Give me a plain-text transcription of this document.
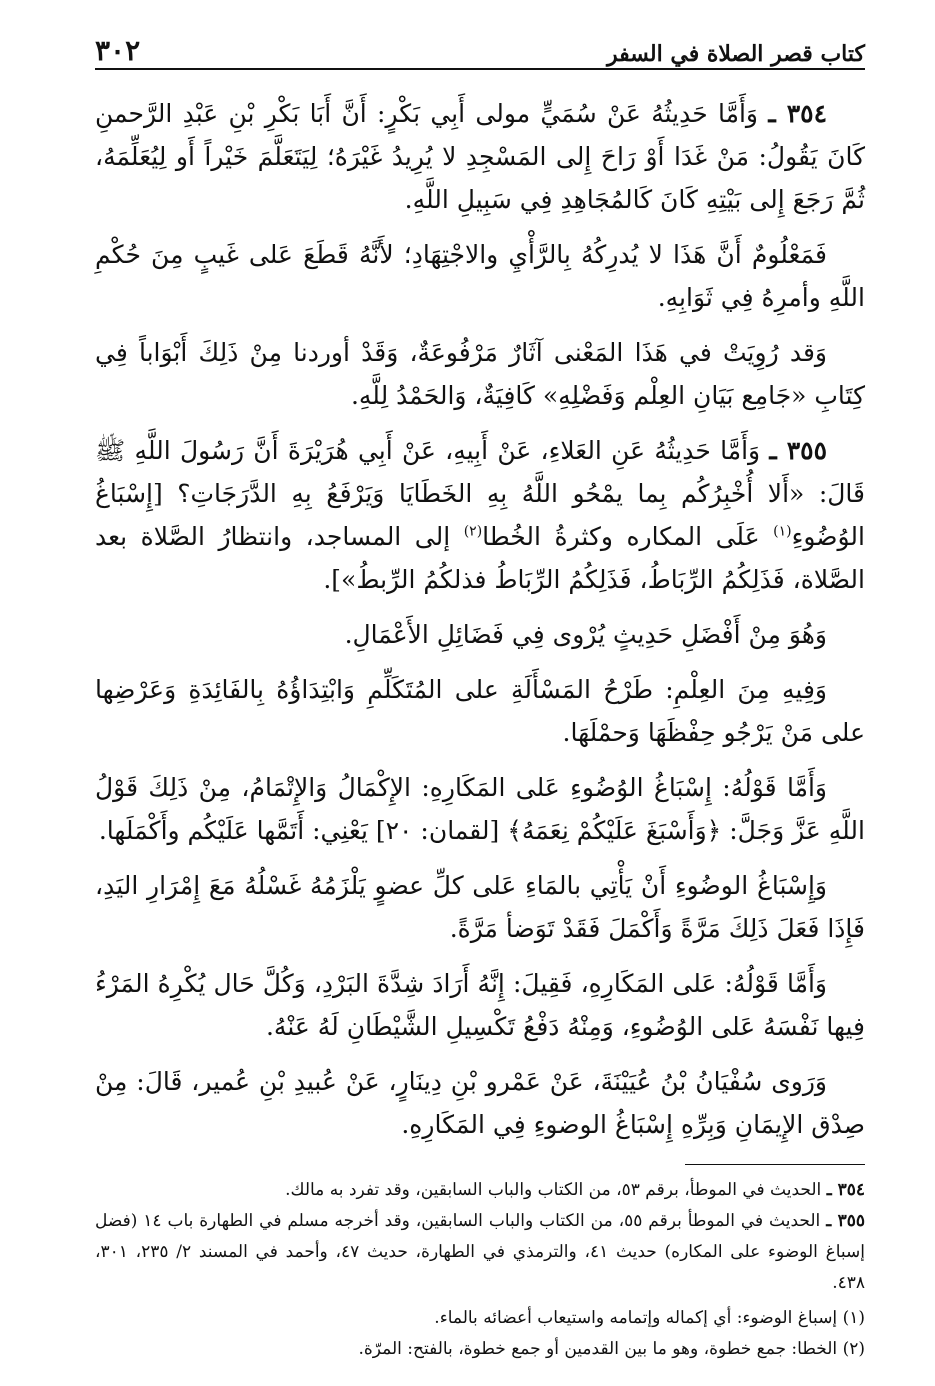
كتاب قصر الصلاة في السفر
٣٠٢

٣٥٤ ـ وَأَمَّا حَدِيثُهُ عَنْ سُمَيٍّ مولى أَبِي بَكْرٍ: أَنَّ أَبَا بَكْرِ بْنِ عَبْدِ الرَّحمنِ كَانَ يَقُولُ: مَنْ غَدَا أَوْ رَاحَ إِلى المَسْجِدِ لا يُرِيدُ غَيْرَهُ؛ لِيَتَعَلَّمَ خَيْراً أَو لِيُعَلِّمَهُ، ثُمَّ رَجَعَ إِلى بَيْتِهِ كَانَ كَالمُجَاهِدِ فِي سَبِيلِ اللَّهِ.

فَمَعْلُومٌ أَنَّ هَذَا لا يُدرِكُهُ بِالرَّأْيِ والاجْتِهَادِ؛ لأَنَّهُ قَطَعَ عَلى غَيبٍ مِنَ حُكْمِ اللَّهِ وأمرِهُ فِي ثَوَابِهِ.

وَقد رُوِيَتْ في هَذَا المَعْنى آثَارٌ مَرْفُوعَةٌ، وَقَدْ أوردنا مِنْ ذَلِكَ أَبْوَاباً فِي كِتَابِ «جَامِع بَيَانِ العِلْم وَفَضْلِهِ» كَافِيَةٌ، وَالحَمْدُ لِلَّهِ.

٣٥٥ ـ وَأَمَّا حَدِيثُهُ عَنِ العَلاءِ، عَنْ أَبِيهِ، عَنْ أَبِي هُرَيْرَةَ أَنَّ رَسُولَ اللَّهِ ﷺ قَالَ: «أَلا أُخْبِرُكُم بِما يمْحُو اللَّهُ بِهِ الخَطَايَا وَيَرْفَعُ بِهِ الدَّرَجَاتِ؟ [إِسْبَاغُ الوُضُوءِ$^{(١)}$ عَلَى المكاره وكثرةُ الخُطا$^{(٢)}$ إلى المساجد، وانتظارُ الصَّلاة بعد الصَّلاة، فَذَلِكُمُ الرِّبَاطُ، فَذَلِكُمُ الرِّبَاطُ فذلكُمُ الرِّبطُ»].

وَهُوَ مِنْ أَفْضَلِ حَدِيثٍ يُرْوى فِي فَضَائِلِ الأَعْمَالِ.

وَفِيهِ مِنَ العِلْمِ: طَرْحُ المَسْأَلَةِ على المُتَكَلِّمِ وَابْتِدَاؤُهُ بِالفَائِدَةِ وَعَرْضِها على مَنْ يَرْجُو حِفْظَهَا وَحمْلَهَا.

وَأَمَّا قَوْلُهُ: إِسْبَاغُ الوُضُوءِ عَلى المَكَارِهِ: الإِكْمَالُ وَالإِتْمَامُ، مِنْ ذَلِكَ قَوْلُ اللَّهِ عَزَّ وَجَلَّ: ﴿وَأَسْبَغَ عَلَيْكُمْ نِعَمَهُ﴾ [لقمان: ٢٠] يَعْنِي: أَتَمَّها عَلَيْكُم وأَكْمَلَها.

وَإِسْبَاغُ الوضُوءِ أَنْ يَأْتِي بالمَاءِ عَلى كلِّ عضوٍ يَلْزَمُهُ غَسْلُهُ مَعَ إِمْرَارِ اليَدِ، فَإِذَا فَعَلَ ذَلِكَ مَرَّةً وَأَكْمَلَ فَقَدْ تَوَضأ مَرَّةً.

وَأَمَّا قَوْلُهُ: عَلى المَكَارِهِ، فَقِيلَ: إِنَّهُ أَرَادَ شِدَّةَ البَرْدِ، وَكُلَّ حَال يُكْرِهُ المَرْءُ فِيها نَفْسَهُ عَلى الوُضُوءِ، وَمِنْهُ دَفْعُ تَكْسِيلِ الشَّيْطَانِ لَهُ عَنْهُ.

وَرَوى سُفْيَانُ بْنُ عُيَيْنَةَ، عَنْ عَمْرو بْنِ دِينَارٍ، عَنْ عُبيدِ بْنِ عُمير، قَالَ: مِنْ صِدْق الإِيمَانِ وَبِرِّهِ إِسْبَاغُ الوضوءِ فِي المَكَارِهِ.

٣٥٤ ـ الحديث في الموطأ، برقم ٥٣، من الكتاب والباب السابقين، وقد تفرد به مالك.

٣٥٥ ـ الحديث في الموطأ برقم ٥٥، من الكتاب والباب السابقين، وقد أخرجه مسلم في الطهارة باب ١٤ (فضل إسباغ الوضوء على المكاره) حديث ٤١، والترمذي في الطهارة، حديث ٤٧، وأحمد في المسند ٢/ ٢٣٥، ٣٠١، ٤٣٨.

(١) إسباغ الوضوء: أي إكماله وإتمامه واستيعاب أعضائه بالماء.

(٢) الخطا: جمع خطوة، وهو ما بين القدمين أو جمع خطوة، بالفتح: المرّة.
